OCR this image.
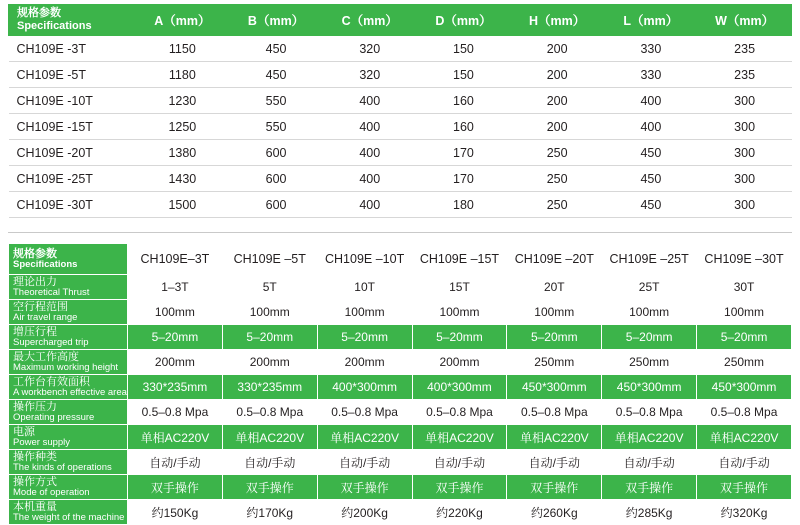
规格参数
Specifications	A（mm）	B（mm）	C（mm）	D（mm）	H（mm）	L（mm）	W（mm）
CH109E -3T	1150	450	320	150	200	330	235
CH109E -5T	1180	450	320	150	200	330	235
CH109E -10T	1230	550	400	160	200	400	300
CH109E -15T	1250	550	400	160	200	400	300
CH109E -20T	1380	600	400	170	250	450	300
CH109E -25T	1430	600	400	170	250	450	300
CH109E -30T	1500	600	400	180	250	450	300
规格参数
Specifications	CH109E–3T	CH109E –5T	CH109E –10T	CH109E –15T	CH109E –20T	CH109E –25T	CH109E –30T

理论出力
Theoretical Thrust	1–3T	5T	10T	15T	20T	25T	30T

空行程范围
Air travel range	100mm	100mm	100mm	100mm	100mm	100mm	100mm

增压行程
Supercharged trip	5–20mm	5–20mm	5–20mm	5–20mm	5–20mm	5–20mm	5–20mm

最大工作高度
Maximum working height	200mm	200mm	200mm	200mm	250mm	250mm	250mm

工作台有效面积
A workbench effective area	330*235mm	330*235mm	400*300mm	400*300mm	450*300mm	450*300mm	450*300mm

操作压力
Operating pressure	0.5–0.8 Mpa	0.5–0.8 Mpa	0.5–0.8 Mpa	0.5–0.8 Mpa	0.5–0.8 Mpa	0.5–0.8 Mpa	0.5–0.8 Mpa

电源
Power supply	单相AC220V	单相AC220V	单相AC220V	单相AC220V	单相AC220V	单相AC220V	单相AC220V

操作种类
The kinds of operations	自动/手动	自动/手动	自动/手动	自动/手动	自动/手动	自动/手动	自动/手动

操作方式
Mode of operation	双手操作	双手操作	双手操作	双手操作	双手操作	双手操作	双手操作

本机重量
The weight of the machine	约150Kg	约170Kg	约200Kg	约220Kg	约260Kg	约285Kg	约320Kg
